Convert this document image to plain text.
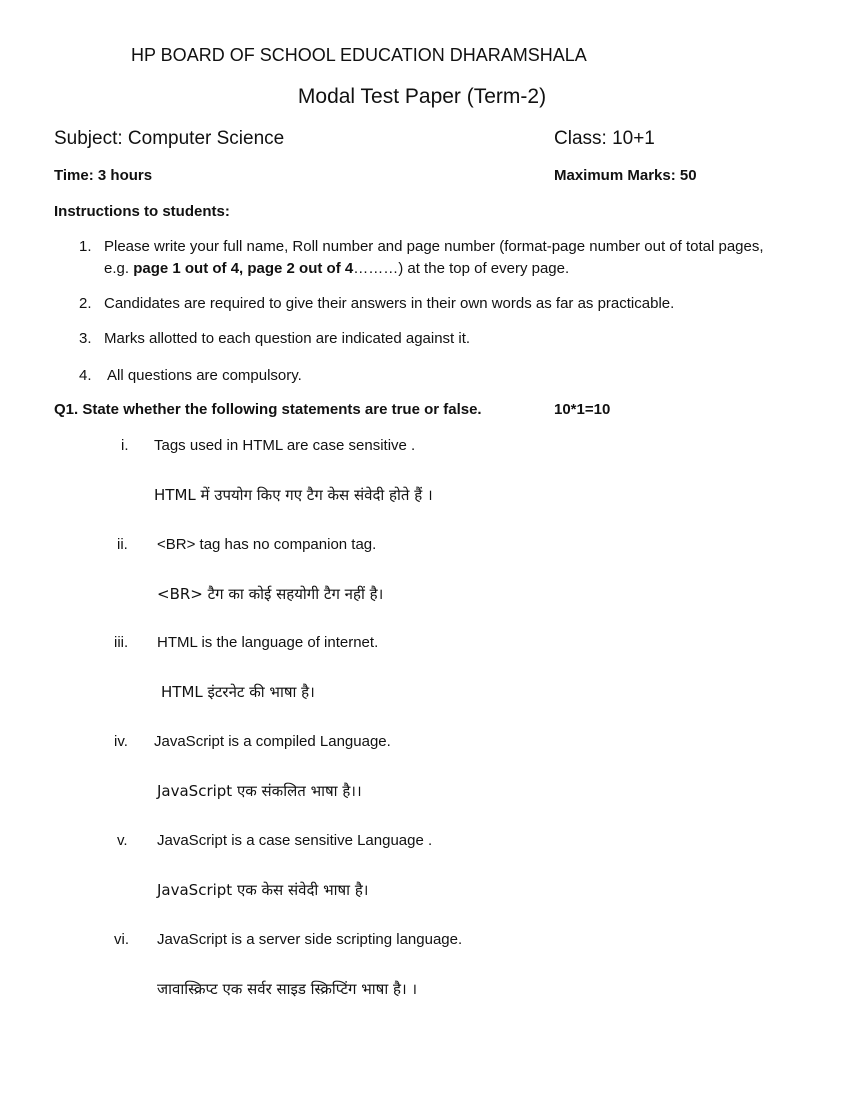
HP BOARD OF SCHOOL EDUCATION DHARAMSHALA
Modal Test Paper (Term-2)
Subject: Computer Science	Class: 10+1
Time: 3 hours	Maximum Marks: 50
Instructions to students:
1. Please write your full name, Roll number and page number (format-page number out of total pages,
e.g. page 1 out of 4, page 2 out of 4………) at the top of every page.
2. Candidates are required to give their answers in their own words as far as practicable.
3. Marks allotted to each question are indicated against it.
4. All questions are compulsory.
Q1. State whether the following statements are true or false.	10*1=10
i. Tags used in HTML are case sensitive .
HTML में उपयोग किए गए टैग केस संवेदी होते हैं ।
ii. <BR> tag has no companion tag.
<BR> टैग का कोई सहयोगी टैग नहीं है।
iii. HTML is the language of internet.
HTML इंटरनेट की भाषा है।
iv. JavaScript is a compiled Language.
JavaScript एक संकलित भाषा है।।
v. JavaScript is a case sensitive Language .
JavaScript एक केस संवेदी भाषा है।
vi. JavaScript is a server side scripting language.
जावास्क्रिप्ट एक सर्वर साइड स्क्रिप्टिंग भाषा है। ।
